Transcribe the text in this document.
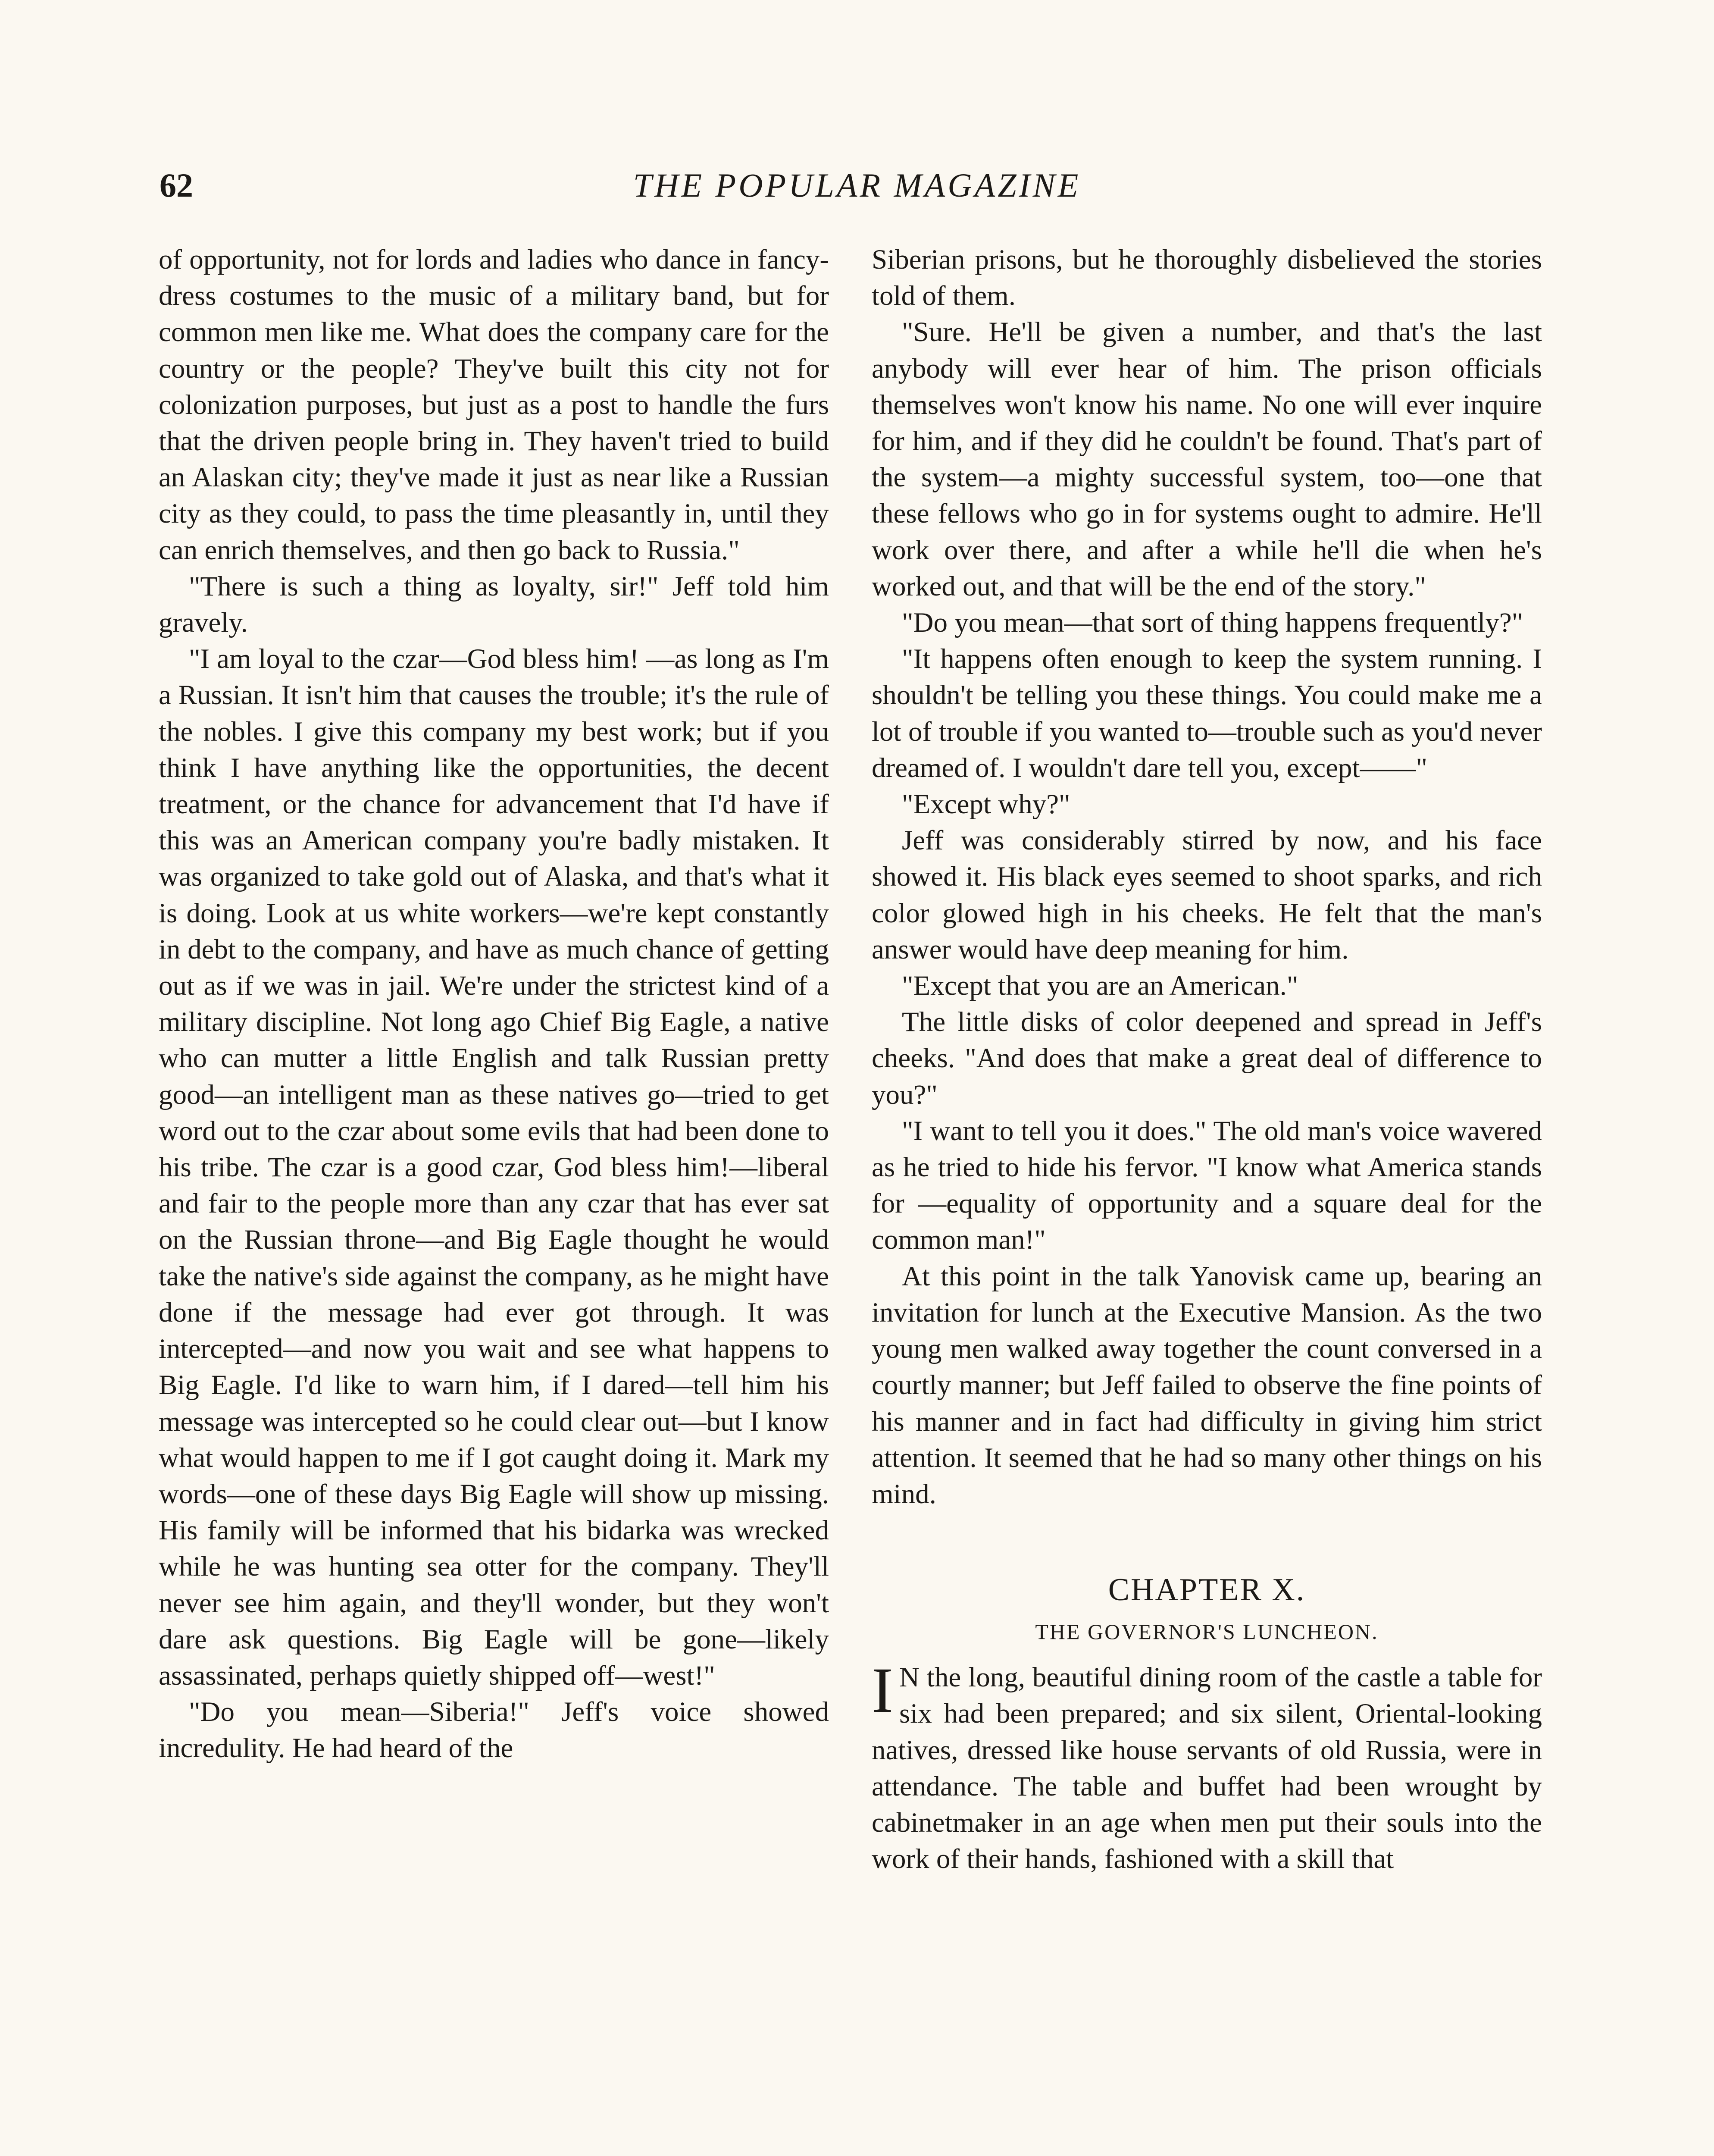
62	THE POPULAR MAGAZINE

of opportunity, not for lords and ladies who dance in fancy-dress costumes to the music of a military band, but for common men like me. What does the company care for the country or the people? They've built this city not for colonization purposes, but just as a post to handle the furs that the driven people bring in. They haven't tried to build an Alaskan city; they've made it just as near like a Russian city as they could, to pass the time pleasantly in, until they can enrich themselves, and then go back to Russia."

"There is such a thing as loyalty, sir!" Jeff told him gravely.

"I am loyal to the czar—God bless him! —as long as I'm a Russian. It isn't him that causes the trouble; it's the rule of the nobles. I give this company my best work; but if you think I have anything like the opportunities, the decent treatment, or the chance for advancement that I'd have if this was an American company you're badly mistaken. It was organized to take gold out of Alaska, and that's what it is doing. Look at us white workers—we're kept constantly in debt to the company, and have as much chance of getting out as if we was in jail. We're under the strictest kind of a military discipline. Not long ago Chief Big Eagle, a native who can mutter a little English and talk Russian pretty good—an intelligent man as these natives go—tried to get word out to the czar about some evils that had been done to his tribe. The czar is a good czar, God bless him!—liberal and fair to the people more than any czar that has ever sat on the Russian throne—and Big Eagle thought he would take the native's side against the company, as he might have done if the message had ever got through. It was intercepted—and now you wait and see what happens to Big Eagle. I'd like to warn him, if I dared—tell him his message was intercepted so he could clear out—but I know what would happen to me if I got caught doing it. Mark my words—one of these days Big Eagle will show up missing. His family will be informed that his bidarka was wrecked while he was hunting sea otter for the company. They'll never see him again, and they'll wonder, but they won't dare ask questions. Big Eagle will be gone—likely assassinated, perhaps quietly shipped off—west!"

"Do you mean—Siberia!" Jeff's voice showed incredulity. He had heard of the

Siberian prisons, but he thoroughly disbelieved the stories told of them.

"Sure. He'll be given a number, and that's the last anybody will ever hear of him. The prison officials themselves won't know his name. No one will ever inquire for him, and if they did he couldn't be found. That's part of the system—a mighty successful system, too—one that these fellows who go in for systems ought to admire. He'll work over there, and after a while he'll die when he's worked out, and that will be the end of the story."

"Do you mean—that sort of thing happens frequently?"

"It happens often enough to keep the system running. I shouldn't be telling you these things. You could make me a lot of trouble if you wanted to—trouble such as you'd never dreamed of. I wouldn't dare tell you, except——"

"Except why?"

Jeff was considerably stirred by now, and his face showed it. His black eyes seemed to shoot sparks, and rich color glowed high in his cheeks. He felt that the man's answer would have deep meaning for him.

"Except that you are an American."

The little disks of color deepened and spread in Jeff's cheeks. "And does that make a great deal of difference to you?"

"I want to tell you it does." The old man's voice wavered as he tried to hide his fervor. "I know what America stands for —equality of opportunity and a square deal for the common man!"

At this point in the talk Yanovisk came up, bearing an invitation for lunch at the Executive Mansion. As the two young men walked away together the count conversed in a courtly manner; but Jeff failed to observe the fine points of his manner and in fact had difficulty in giving him strict attention. It seemed that he had so many other things on his mind.

CHAPTER X.
THE GOVERNOR'S LUNCHEON.

I N the long, beautiful dining room of the castle a table for six had been prepared; and six silent, Oriental-looking natives, dressed like house servants of old Russia, were in attendance. The table and buffet had been wrought by cabinetmaker in an age when men put their souls into the work of their hands, fashioned with a skill that
